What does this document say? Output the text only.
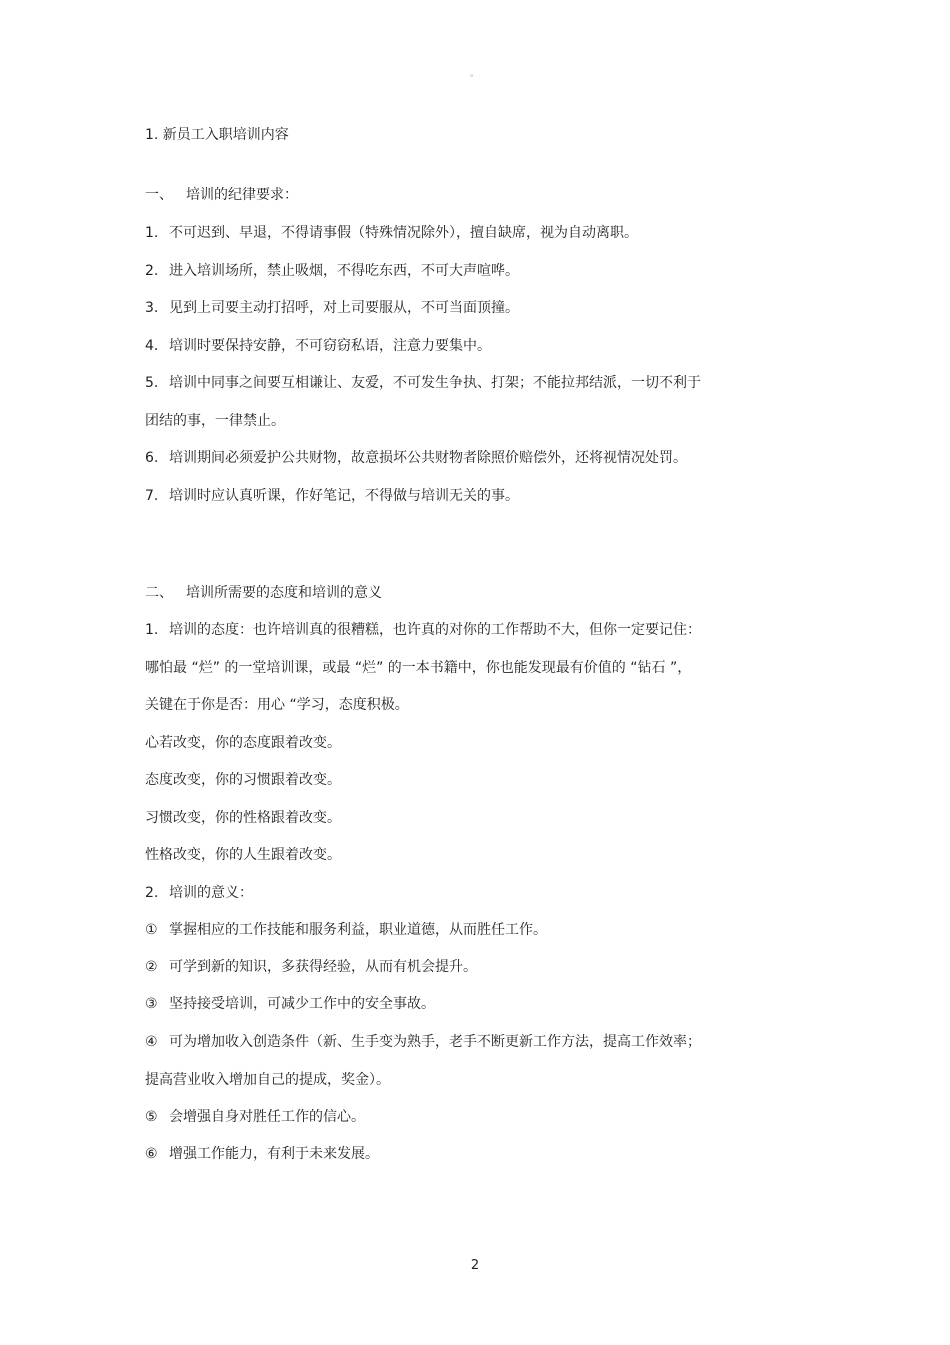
。

1. 新员工入职培训内容

一、 培训的纪律要求：

1. 不可迟到、早退，不得请事假（特殊情况除外），擅自缺席，视为自动离职。

2. 进入培训场所，禁止吸烟，不得吃东西，不可大声喧哗。

3. 见到上司要主动打招呼，对上司要服从，不可当面顶撞。

4. 培训时要保持安静，不可窃窃私语，注意力要集中。

5. 培训中同事之间要互相谦让、友爱，不可发生争执、打架；不能拉邦结派，一切不利于

团结的事，一律禁止。

6. 培训期间必须爱护公共财物，故意损坏公共财物者除照价赔偿外，还将视情况处罚。

7. 培训时应认真听课，作好笔记，不得做与培训无关的事。

二、 培训所需要的态度和培训的意义

1. 培训的态度：也许培训真的很糟糕，也许真的对你的工作帮助不大，但你一定要记住：

哪怕最 “烂” 的一堂培训课，或最 “烂” 的一本书籍中，你也能发现最有价值的 “钻石 ”，

关键在于你是否：用心 “学习，态度积极。

心若改变，你的态度跟着改变。

态度改变，你的习惯跟着改变。

习惯改变，你的性格跟着改变。

性格改变，你的人生跟着改变。

2. 培训的意义：

① 掌握相应的工作技能和服务利益，职业道德，从而胜任工作。

② 可学到新的知识，多获得经验，从而有机会提升。

③ 坚持接受培训，可减少工作中的安全事故。

④ 可为增加收入创造条件（新、生手变为熟手，老手不断更新工作方法，提高工作效率；

提高营业收入增加自己的提成，奖金）。

⑤ 会增强自身对胜任工作的信心。

⑥ 增强工作能力，有利于未来发展。

2
